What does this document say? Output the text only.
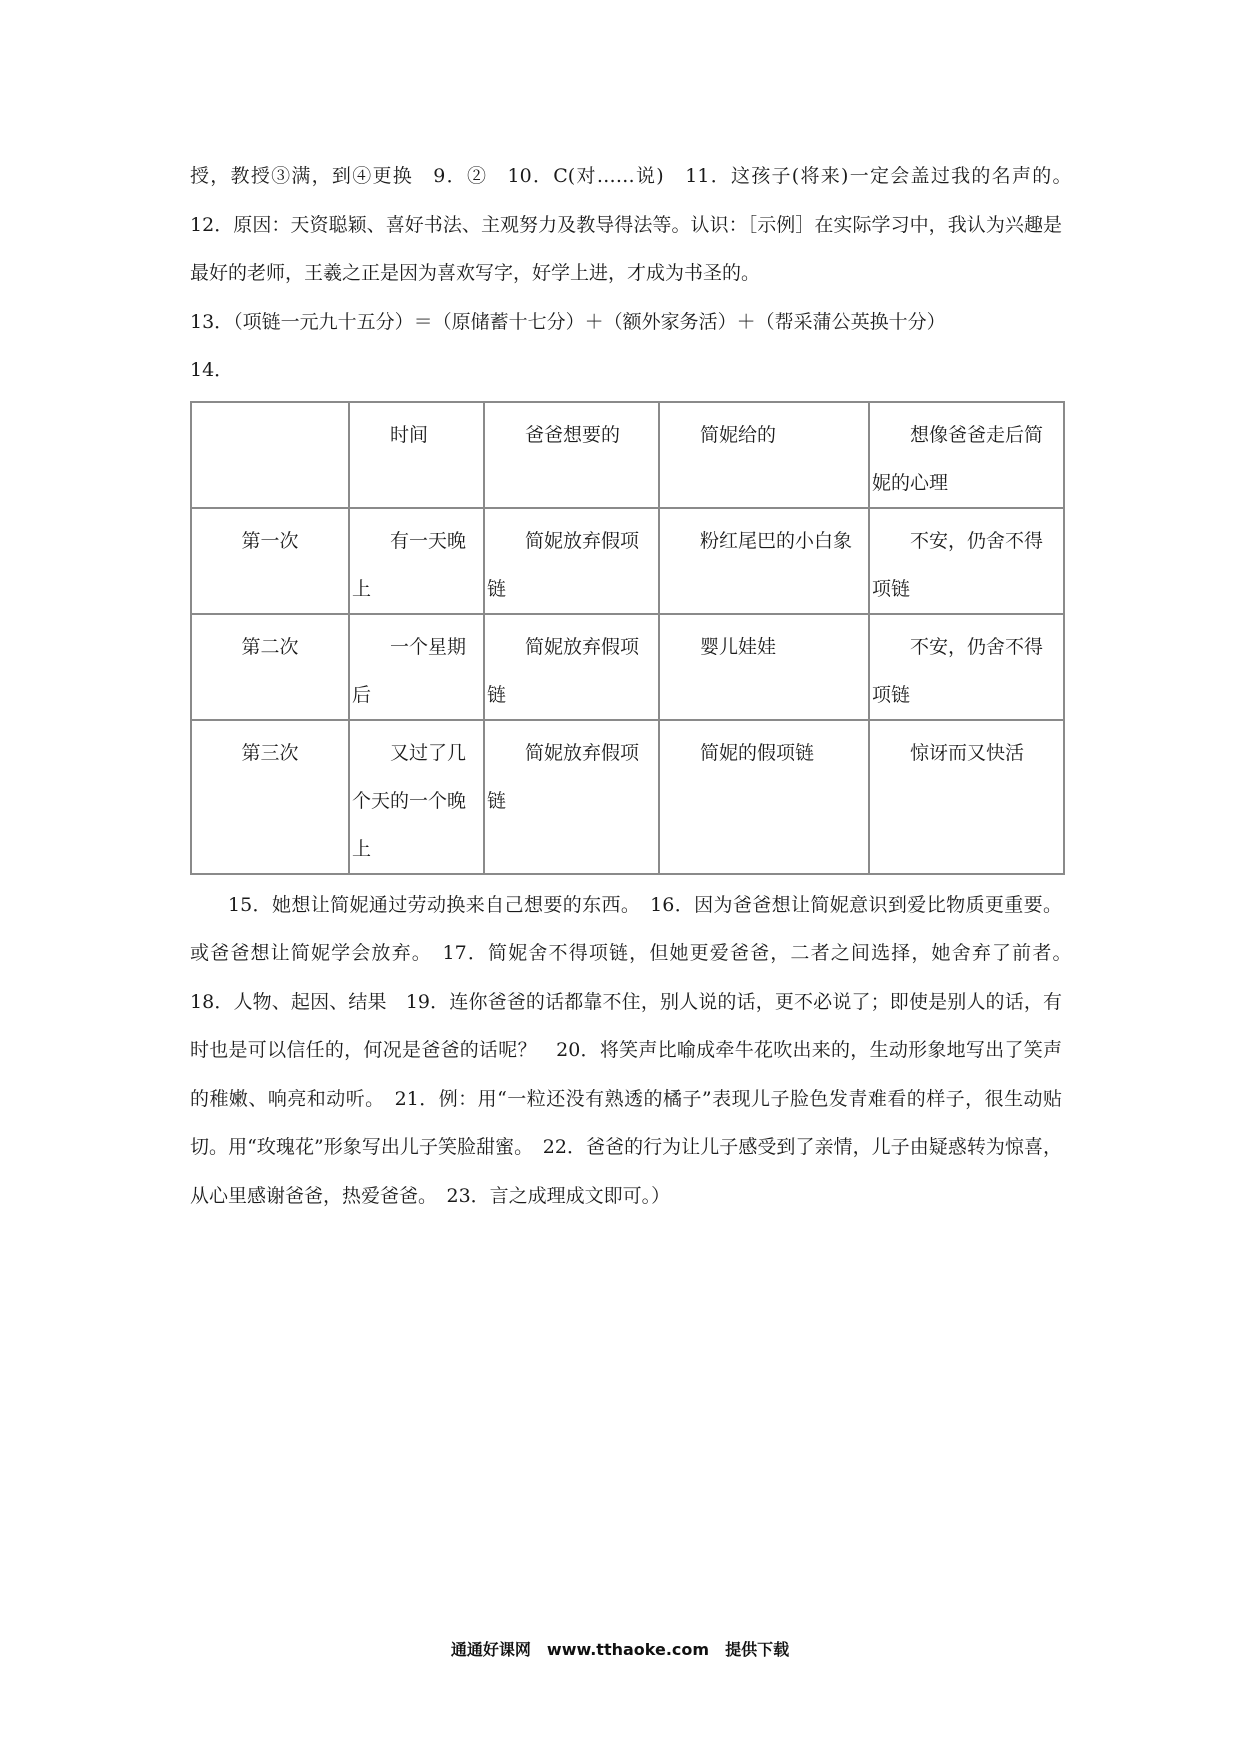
授，教授③满，到④更换　9．②　10．C(对……说)　11．这孩子(将来)一定会盖过我的名声的。　12．原因：天资聪颖、喜好书法、主观努力及教导得法等。认识：［示例］在实际学习中，我认为兴趣是最好的老师，王羲之正是因为喜欢写字，好学上进，才成为书圣的。

13．（项链一元九十五分）＝（原储蓄十七分）＋（额外家务活）＋（帮采蒲公英换十分）

14．

	时间	爸爸想要的	简妮给的	想像爸爸走后简妮的心理
第一次	有一天晚上	简妮放弃假项链	粉红尾巴的小白象	不安，仍舍不得项链
第二次	一个星期后	简妮放弃假项链	婴儿娃娃	不安，仍舍不得项链
第三次	又过了几个天的一个晚上	简妮放弃假项链	简妮的假项链	惊讶而又快活

15．她想让简妮通过劳动换来自己想要的东西。　16．因为爸爸想让简妮意识到爱比物质更重要。或爸爸想让简妮学会放弃。　17．简妮舍不得项链，但她更爱爸爸，二者之间选择，她舍弃了前者。　18．人物、起因、结果　19．连你爸爸的话都靠不住，别人说的话，更不必说了；即使是别人的话，有时也是可以信任的，何况是爸爸的话呢？　20．将笑声比喻成牵牛花吹出来的，生动形象地写出了笑声的稚嫩、响亮和动听。　21．例：用“一粒还没有熟透的橘子”表现儿子脸色发青难看的样子，很生动贴切。用“玫瑰花”形象写出儿子笑脸甜蜜。　22．爸爸的行为让儿子感受到了亲情，儿子由疑惑转为惊喜，从心里感谢爸爸，热爱爸爸。　23．言之成理成文即可。）

通通好课网　www.tthaoke.com　提供下载
